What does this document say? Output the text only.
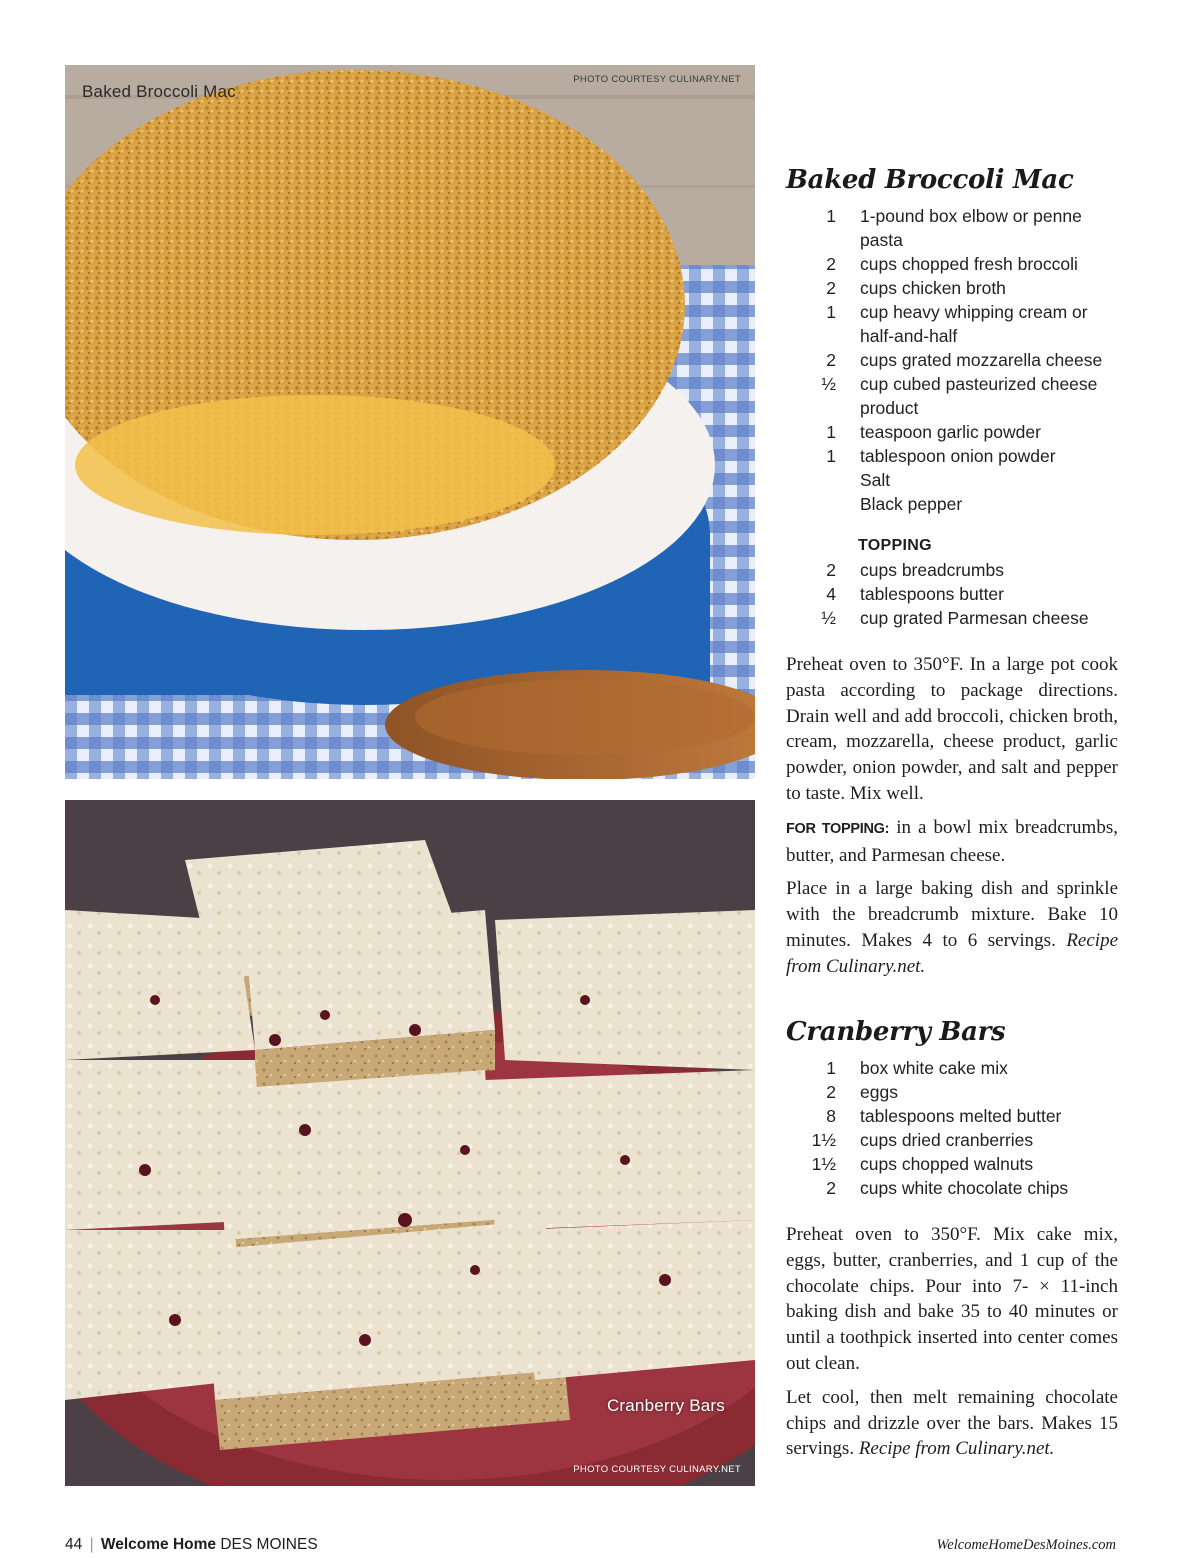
Baked Broccoli Mac
PHOTO COURTESY CULINARY.NET
Cranberry Bars
PHOTO COURTESY CULINARY.NET
Baked Broccoli Mac
1 1-pound box elbow or penne pasta
2 cups chopped fresh broccoli
2 cups chicken broth
1 cup heavy whipping cream or half-and-half
2 cups grated mozzarella cheese
½ cup cubed pasteurized cheese product
1 teaspoon garlic powder
1 tablespoon onion powder
Salt
Black pepper
TOPPING
2 cups breadcrumbs
4 tablespoons butter
½ cup grated Parmesan cheese

Preheat oven to 350°F. In a large pot cook pasta according to package directions. Drain well and add broccoli, chicken broth, cream, mozzarella, cheese product, garlic powder, onion powder, and salt and pepper to taste. Mix well.

FOR TOPPING: in a bowl mix breadcrumbs, butter, and Parmesan cheese.

Place in a large baking dish and sprinkle with the breadcrumb mixture. Bake 10 minutes. Makes 4 to 6 servings. Recipe from Culinary.net.

Cranberry Bars
1 box white cake mix
2 eggs
8 tablespoons melted butter
1½ cups dried cranberries
1½ cups chopped walnuts
2 cups white chocolate chips

Preheat oven to 350°F. Mix cake mix, eggs, butter, cranberries, and 1 cup of the chocolate chips. Pour into 7- × 11-inch baking dish and bake 35 to 40 minutes or until a toothpick inserted into center comes out clean.

Let cool, then melt remaining chocolate chips and drizzle over the bars. Makes 15 servings. Recipe from Culinary.net.

44 | Welcome Home DES MOINES	WelcomeHomeDesMoines.com
